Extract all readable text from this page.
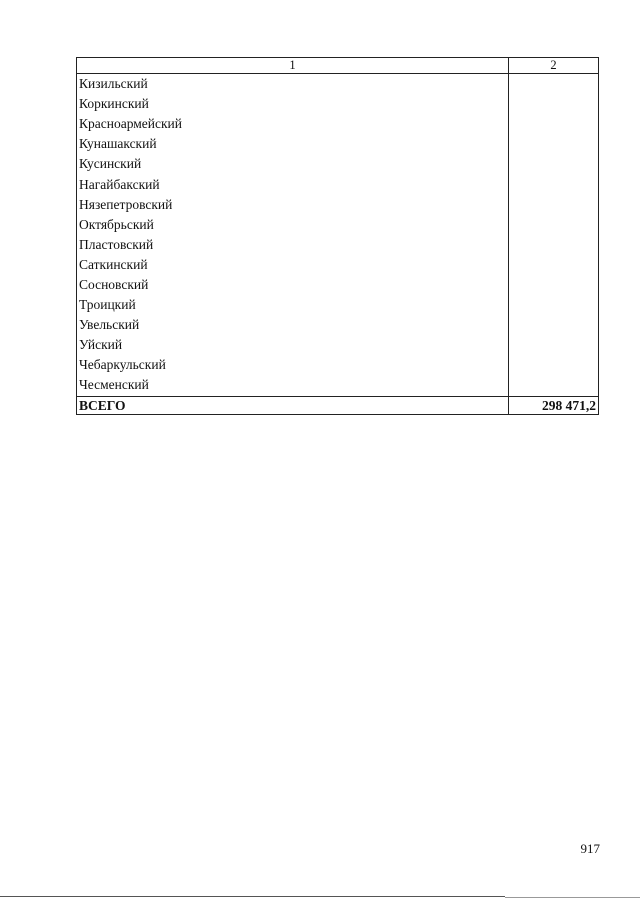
1	2
Кизильский	
Коркинский	
Красноармейский	
Кунашакский	
Кусинский	
Нагайбакский	
Нязепетровский	
Октябрьский	
Пластовский	
Саткинский	
Сосновский	
Троицкий	
Увельский	
Уйский	
Чебаркульский	
Чесменский	
ВСЕГО	298 471,2
917
